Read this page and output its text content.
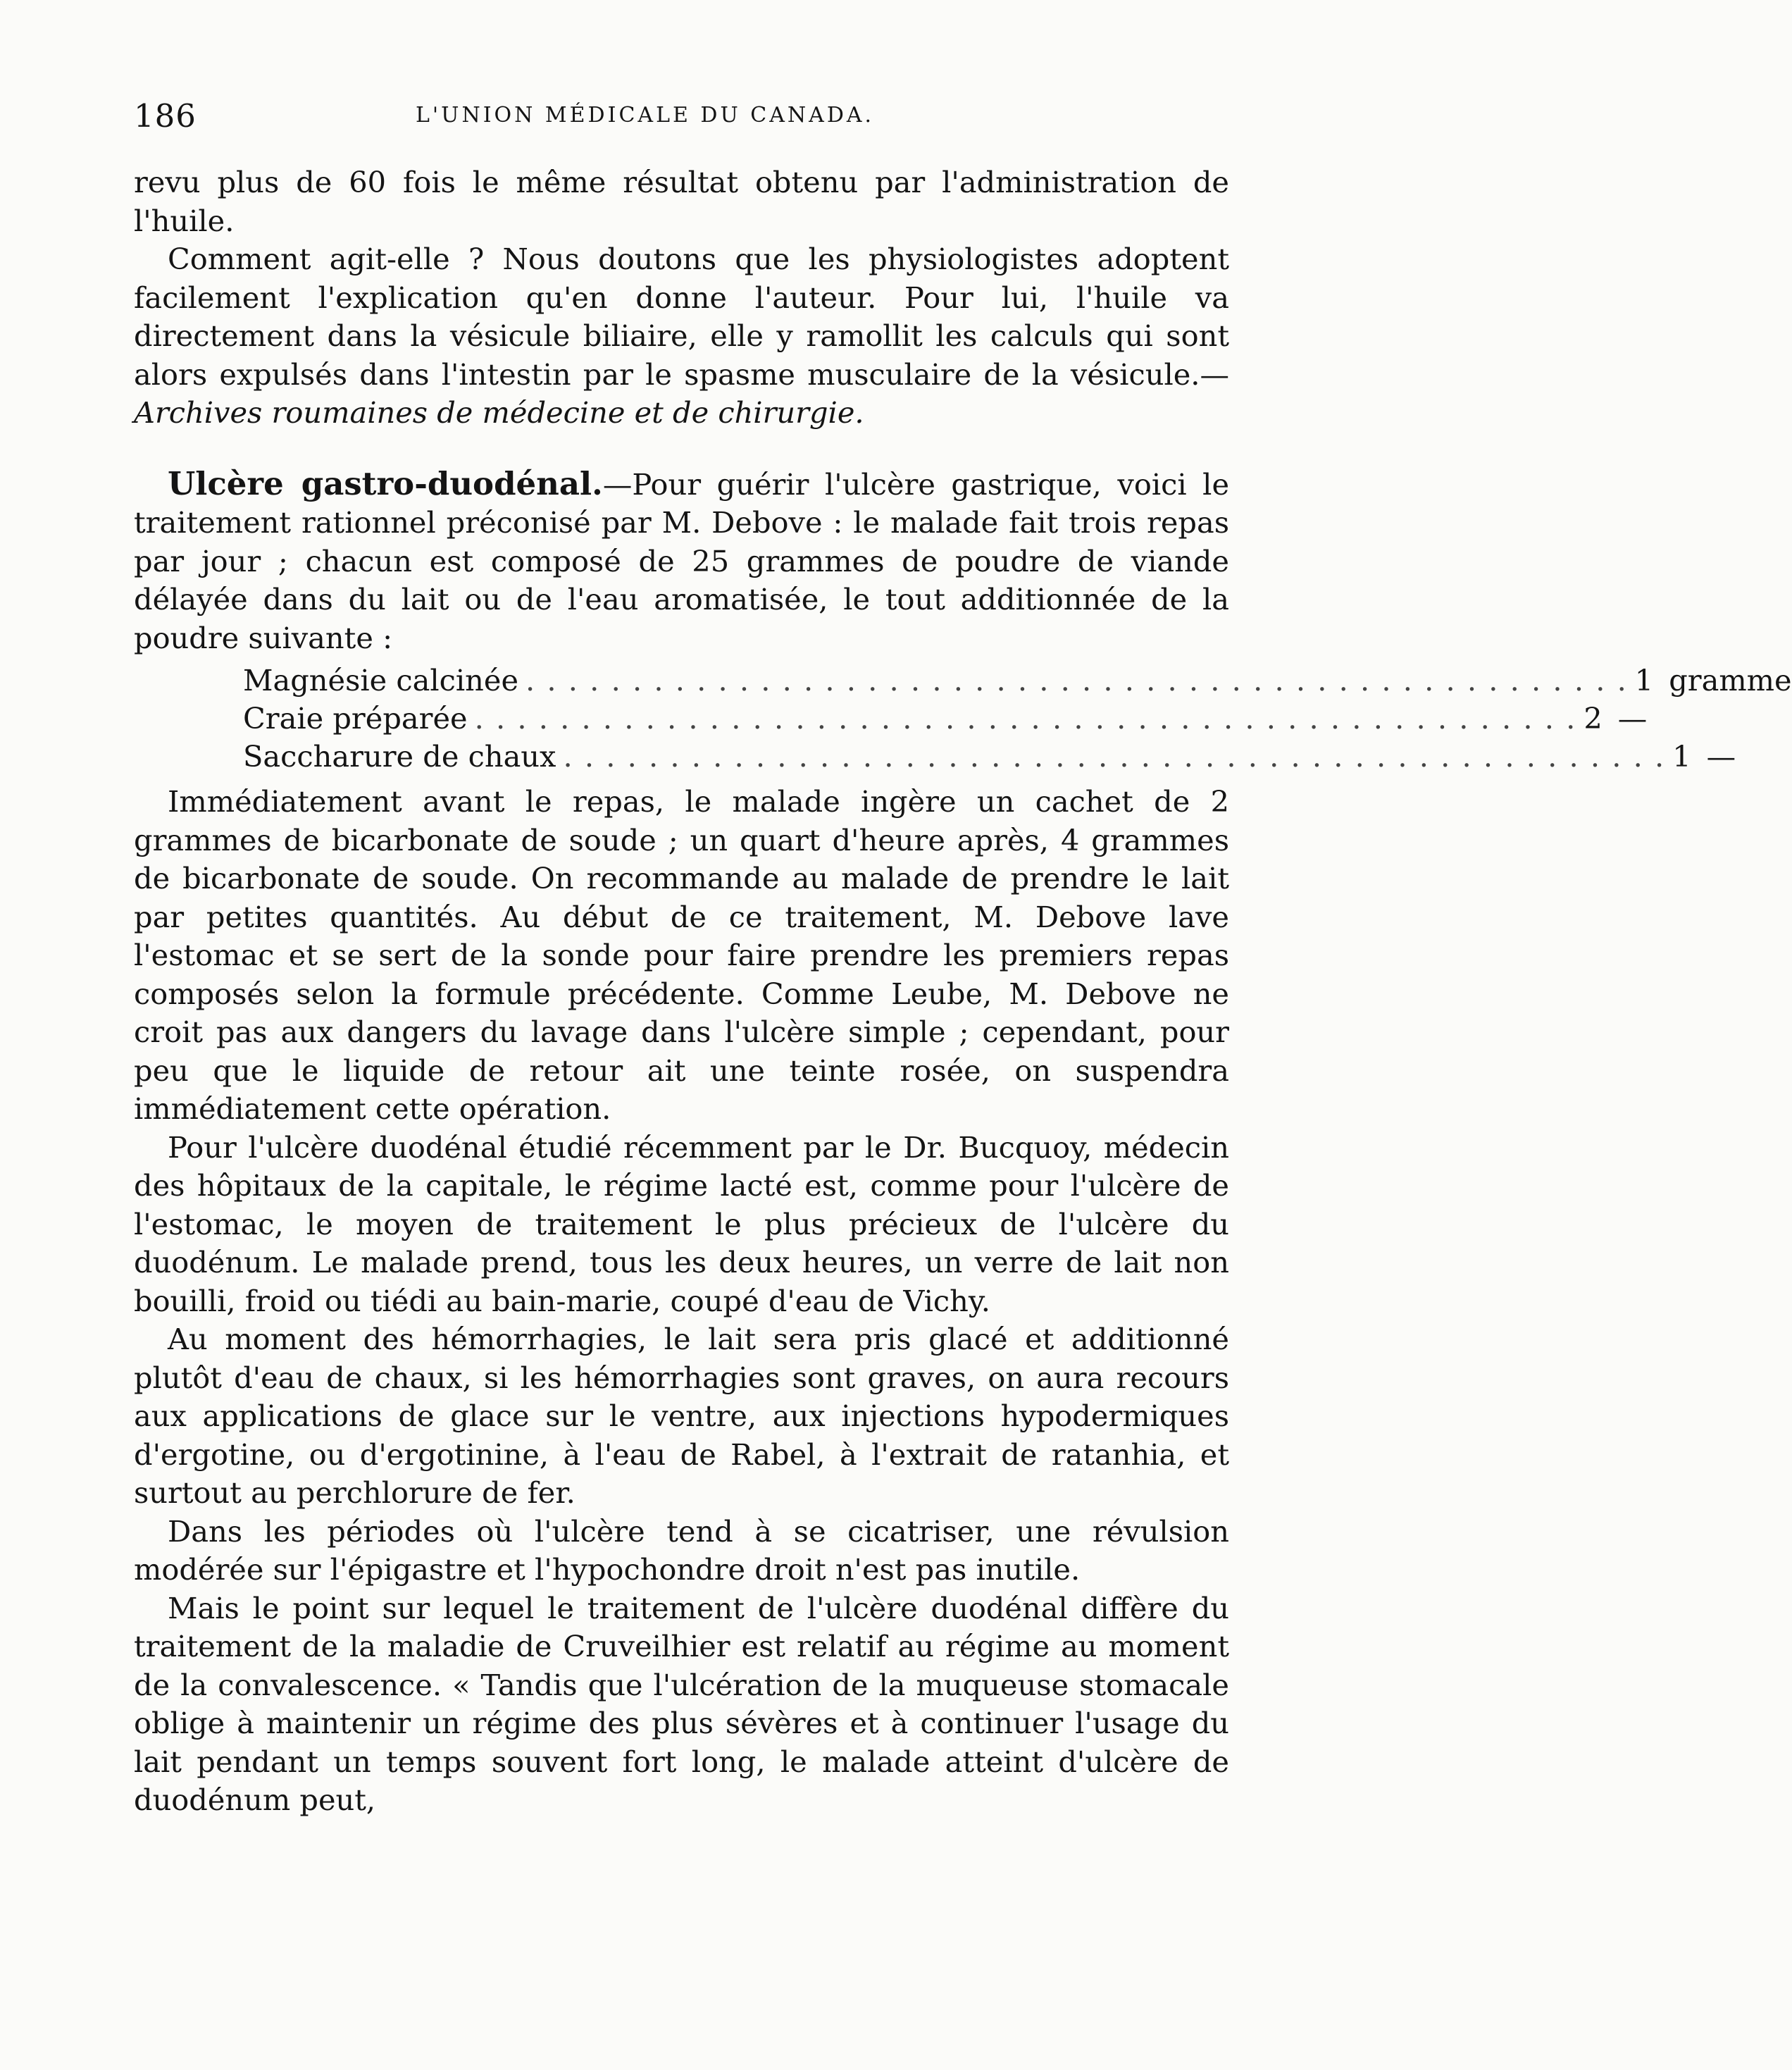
186	L'UNION MÉDICALE DU CANADA.

revu plus de 60 fois le même résultat obtenu par l'administration de l'huile.

Comment agit-elle ? Nous doutons que les physiologistes adoptent facilement l'explication qu'en donne l'auteur. Pour lui, l'huile va directement dans la vésicule biliaire, elle y ramollit les calculs qui sont alors expulsés dans l'intestin par le spasme musculaire de la vésicule.—Archives roumaines de médecine et de chirurgie.

Ulcère gastro-duodénal.—Pour guérir l'ulcère gastrique, voici le traitement rationnel préconisé par M. Debove : le malade fait trois repas par jour ; chacun est composé de 25 grammes de poudre de viande délayée dans du lait ou de l'eau aromatisée, le tout additionnée de la poudre suivante :

Magnésie calcinée . . . . . . . . . . . . . . . . . . . . . . . . . . . . . . . . . . . . . . . . . . . . . . . . . . . . 1 gramme
Craie préparée . . . . . . . . . . . . . . . . . . . . . . . . . . . . . . . . . . . . . . . . . . . . . . . . . . . . 2 —
Saccharure de chaux . . . . . . . . . . . . . . . . . . . . . . . . . . . . . . . . . . . . . . . . . . . . . . . . . . . . 1 —

Immédiatement avant le repas, le malade ingère un cachet de 2 grammes de bicarbonate de soude ; un quart d'heure après, 4 grammes de bicarbonate de soude. On recommande au malade de prendre le lait par petites quantités. Au début de ce traitement, M. Debove lave l'estomac et se sert de la sonde pour faire prendre les premiers repas composés selon la formule précédente. Comme Leube, M. Debove ne croit pas aux dangers du lavage dans l'ulcère simple ; cependant, pour peu que le liquide de retour ait une teinte rosée, on suspendra immédiatement cette opération.

Pour l'ulcère duodénal étudié récemment par le Dr. Bucquoy, médecin des hôpitaux de la capitale, le régime lacté est, comme pour l'ulcère de l'estomac, le moyen de traitement le plus précieux de l'ulcère du duodénum. Le malade prend, tous les deux heures, un verre de lait non bouilli, froid ou tiédi au bain-marie, coupé d'eau de Vichy.

Au moment des hémorrhagies, le lait sera pris glacé et additionné plutôt d'eau de chaux, si les hémorrhagies sont graves, on aura recours aux applications de glace sur le ventre, aux injections hypodermiques d'ergotine, ou d'ergotinine, à l'eau de Rabel, à l'extrait de ratanhia, et surtout au perchlorure de fer.

Dans les périodes où l'ulcère tend à se cicatriser, une révulsion modérée sur l'épigastre et l'hypochondre droit n'est pas inutile.

Mais le point sur lequel le traitement de l'ulcère duodénal diffère du traitement de la maladie de Cruveilhier est relatif au régime au moment de la convalescence. « Tandis que l'ulcération de la muqueuse stomacale oblige à maintenir un régime des plus sévères et à continuer l'usage du lait pendant un temps souvent fort long, le malade atteint d'ulcère de duodénum peut,
